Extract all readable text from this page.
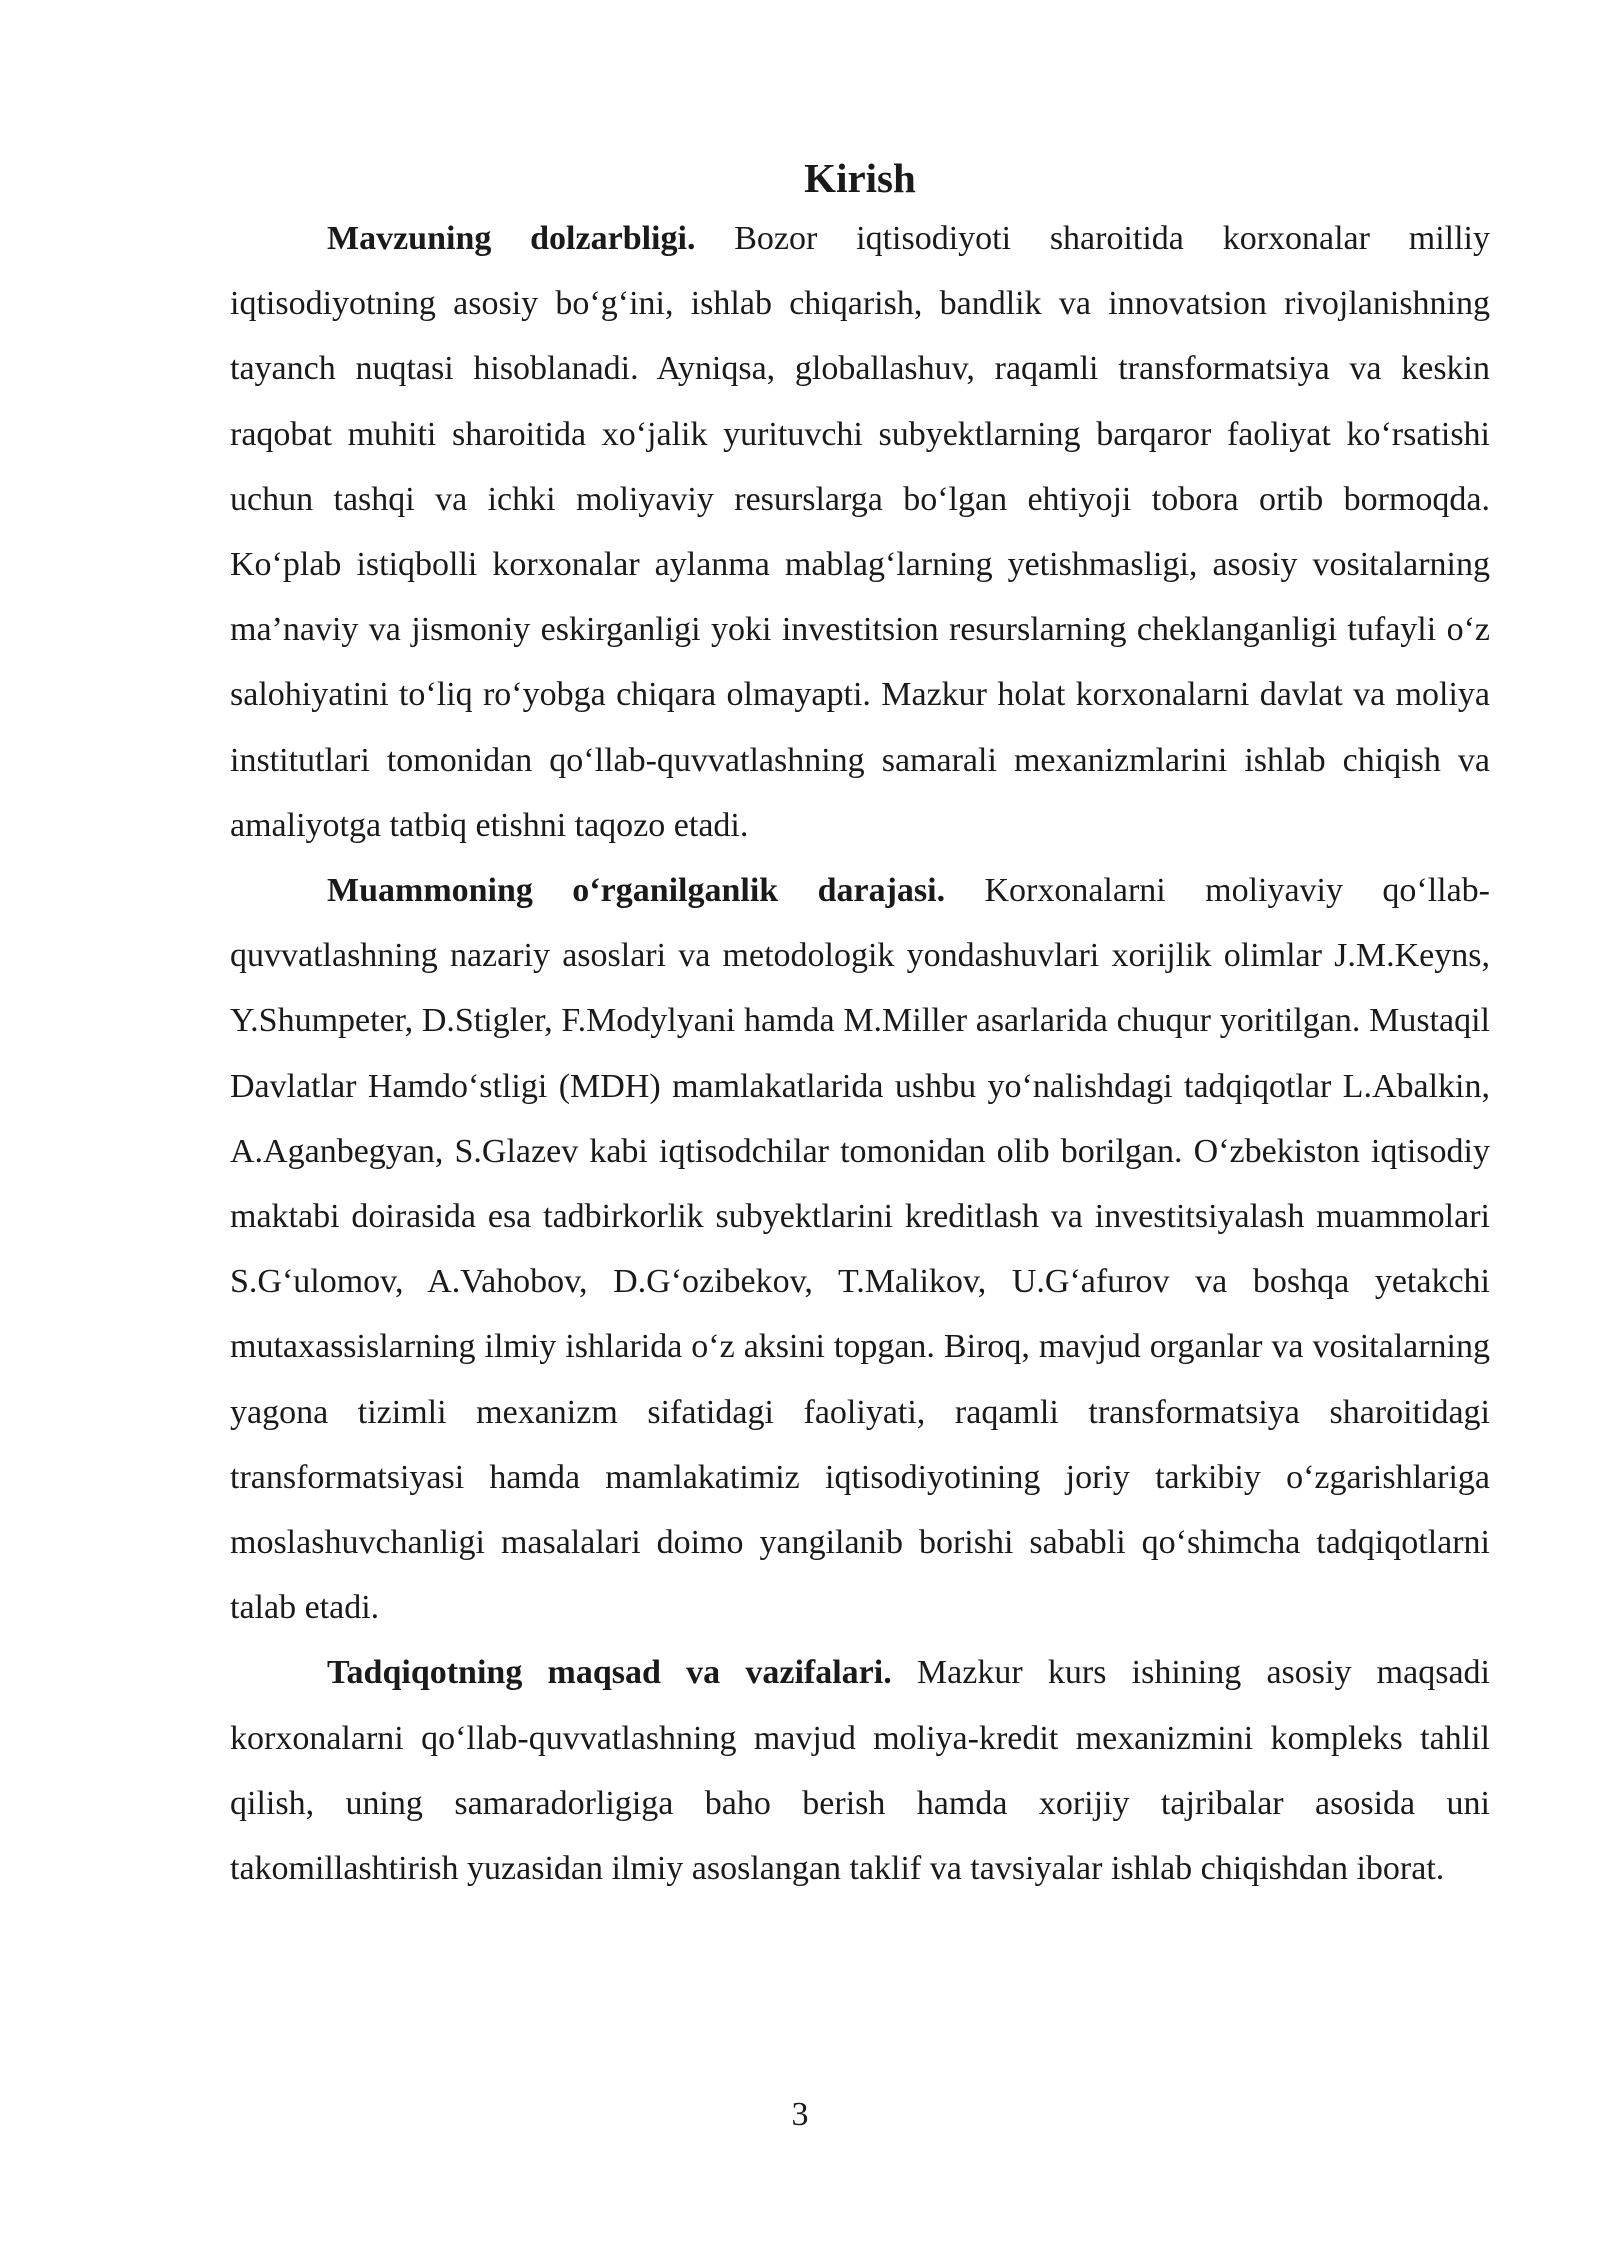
Kirish

Mavzuning dolzarbligi. Bozor iqtisodiyoti sharoitida korxonalar milliy iqtisodiyotning asosiy bo‘g‘ini, ishlab chiqarish, bandlik va innovatsion rivojlanishning tayanch nuqtasi hisoblanadi. Ayniqsa, globallashuv, raqamli transformatsiya va keskin raqobat muhiti sharoitida xo‘jalik yurituvchi subyektlarning barqaror faoliyat ko‘rsatishi uchun tashqi va ichki moliyaviy resurslarga bo‘lgan ehtiyoji tobora ortib bormoqda. Ko‘plab istiqbolli korxonalar aylanma mablag‘larning yetishmasligi, asosiy vositalarning ma’naviy va jismoniy eskirganligi yoki investitsion resurslarning cheklanganligi tufayli o‘z salohiyatini to‘liq ro‘yobga chiqara olmayapti. Mazkur holat korxonalarni davlat va moliya institutlari tomonidan qo‘llab-quvvatlashning samarali mexanizmlarini ishlab chiqish va amaliyotga tatbiq etishni taqozo etadi.

Muammoning o‘rganilganlik darajasi. Korxonalarni moliyaviy qo‘llab-quvvatlashning nazariy asoslari va metodologik yondashuvlari xorijlik olimlar J.M.Keyns, Y.Shumpeter, D.Stigler, F.Modylyani hamda M.Miller asarlarida chuqur yoritilgan. Mustaqil Davlatlar Hamdo‘stligi (MDH) mamlakatlarida ushbu yo‘nalishdagi tadqiqotlar L.Abalkin, A.Aganbegyan, S.Glazev kabi iqtisodchilar tomonidan olib borilgan. O‘zbekiston iqtisodiy maktabi doirasida esa tadbirkorlik subyektlarini kreditlash va investitsiyalash muammolari S.G‘ulomov, A.Vahobov, D.G‘ozibekov, T.Malikov, U.G‘afurov va boshqa yetakchi mutaxassislarning ilmiy ishlarida o‘z aksini topgan. Biroq, mavjud organlar va vositalarning yagona tizimli mexanizm sifatidagi faoliyati, raqamli transformatsiya sharoitidagi transformatsiyasi hamda mamlakatimiz iqtisodiyotining joriy tarkibiy o‘zgarishlariga moslashuvchanligi masalalari doimo yangilanib borishi sababli qo‘shimcha tadqiqotlarni talab etadi.

Tadqiqotning maqsad va vazifalari. Mazkur kurs ishining asosiy maqsadi korxonalarni qo‘llab-quvvatlashning mavjud moliya-kredit mexanizmini kompleks tahlil qilish, uning samaradorligiga baho berish hamda xorijiy tajribalar asosida uni takomillashtirish yuzasidan ilmiy asoslangan taklif va tavsiyalar ishlab chiqishdan iborat.

3
